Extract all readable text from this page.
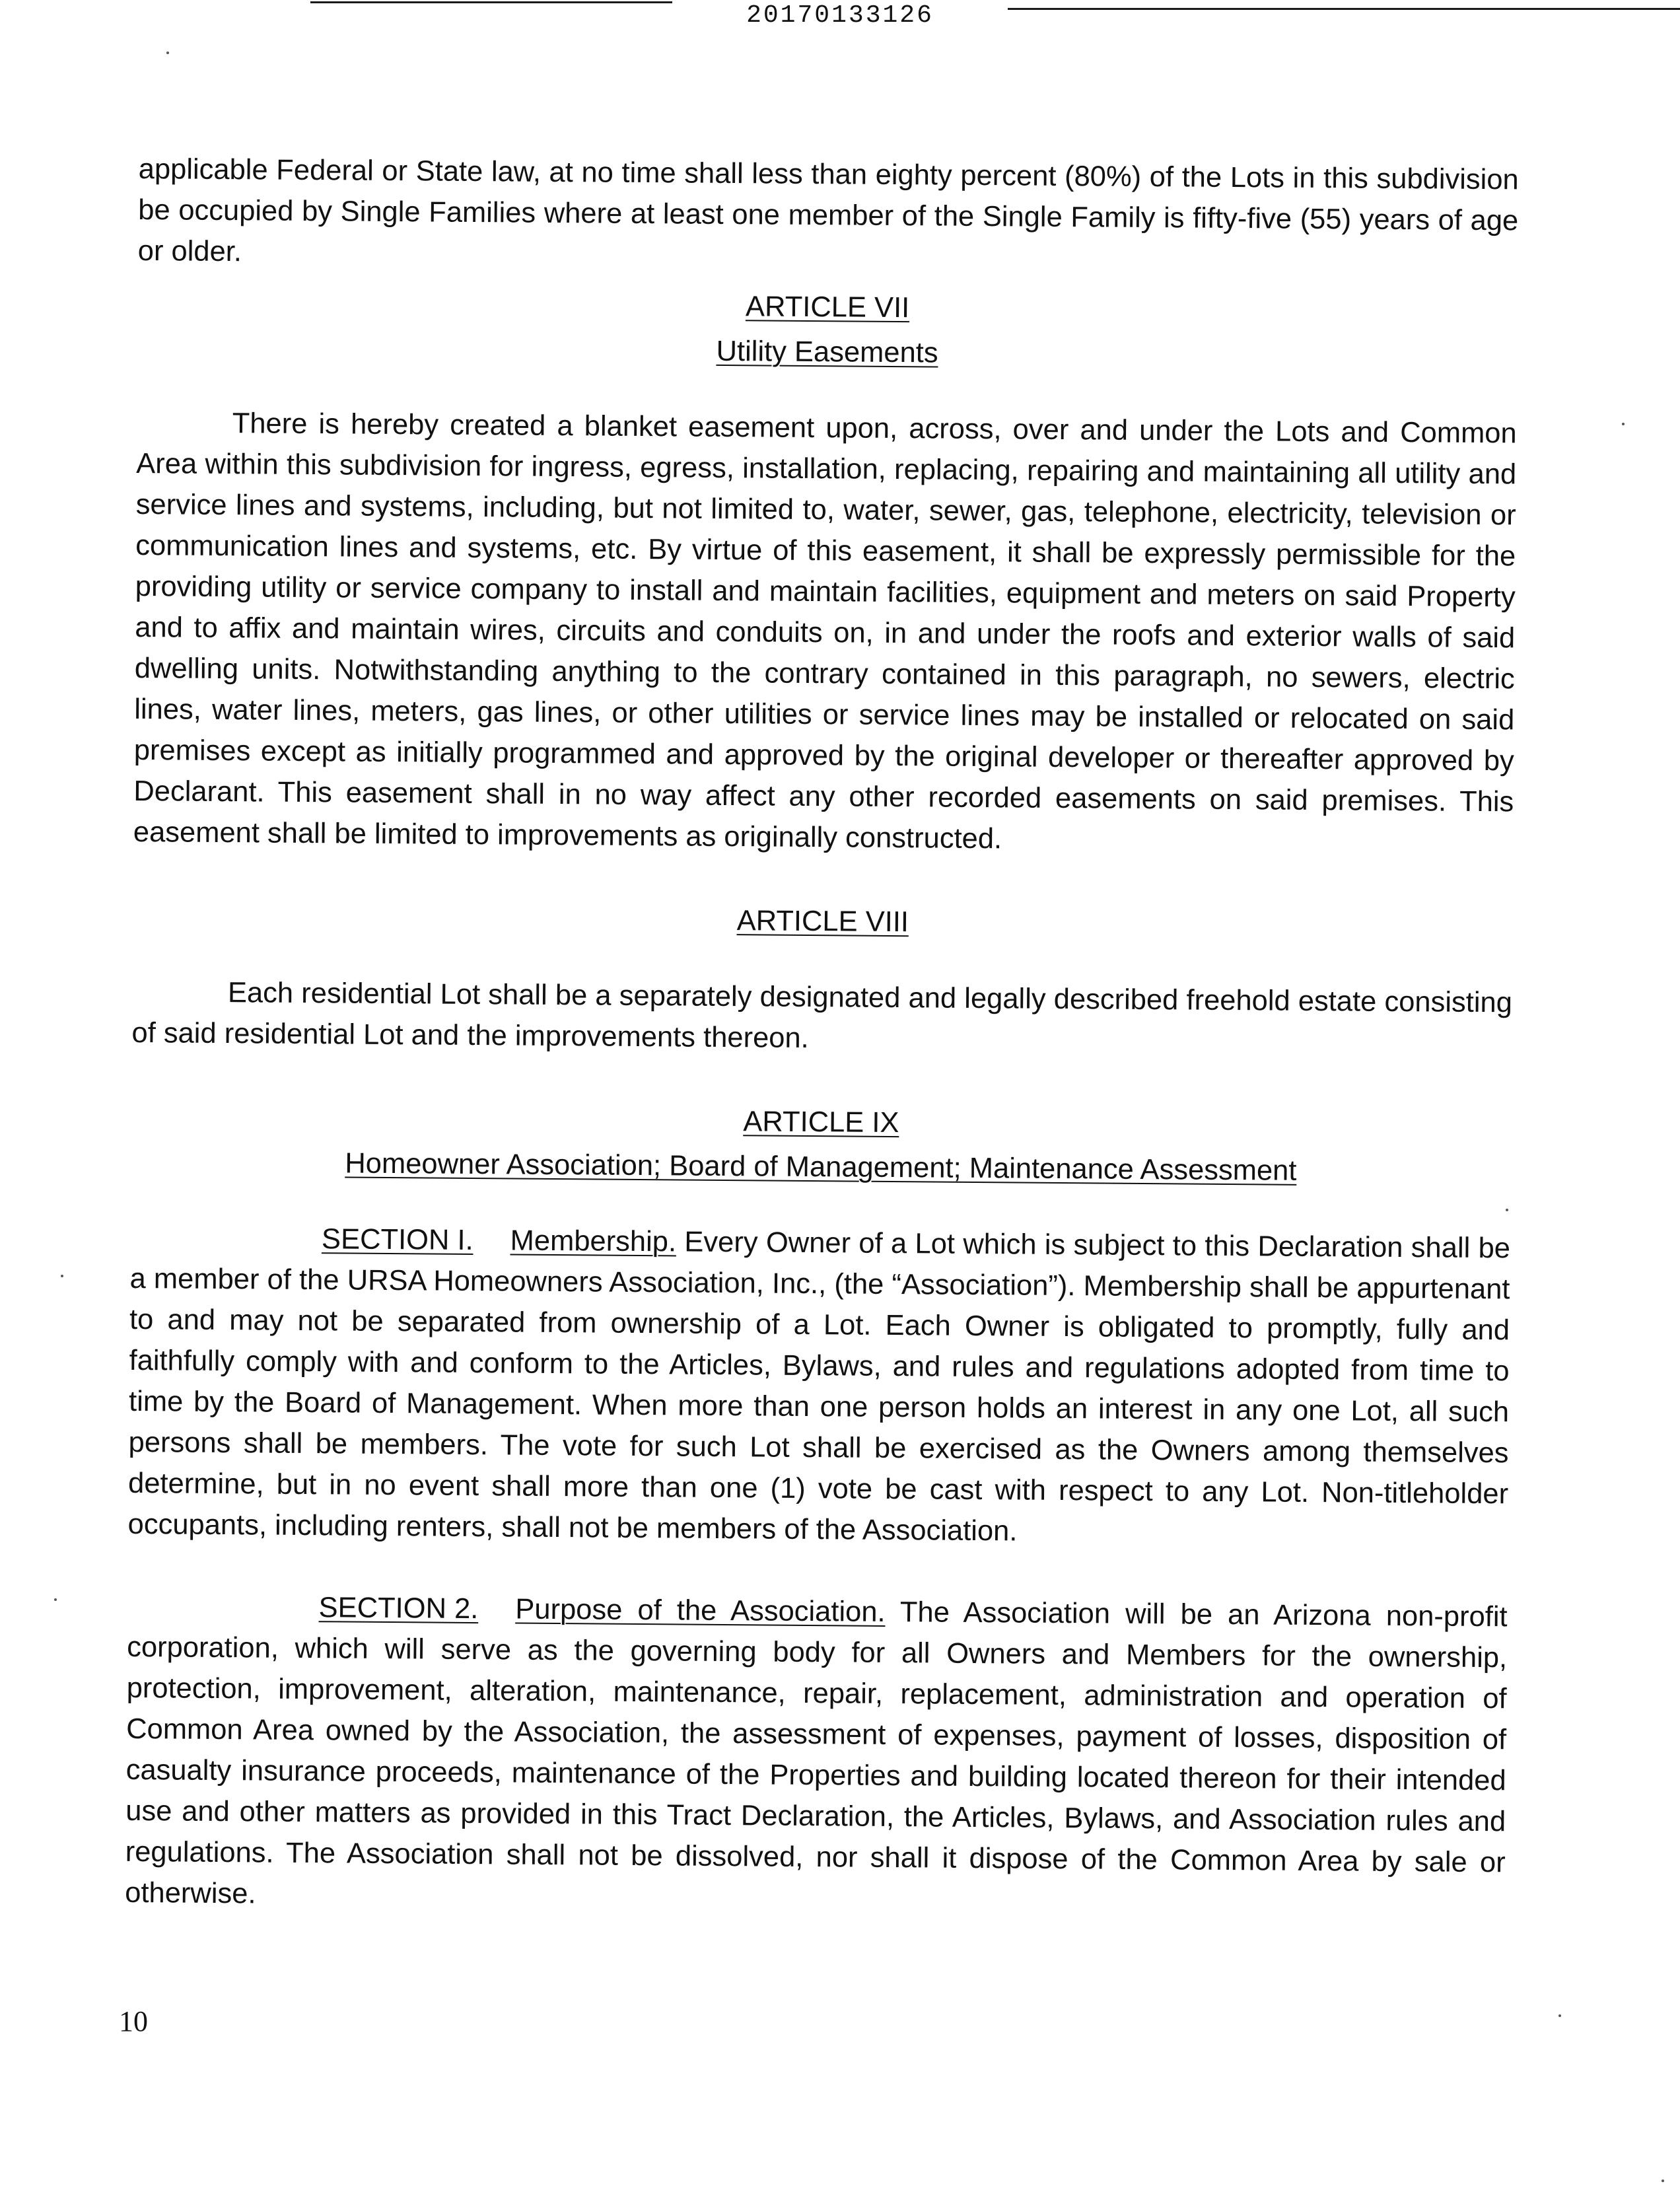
20170133126

applicable Federal or State law, at no time shall less than eighty percent (80%) of the Lots in this subdivision be occupied by Single Families where at least one member of the Single Family is fifty-five (55) years of age or older.

ARTICLE VII

Utility Easements

There is hereby created a blanket easement upon, across, over and under the Lots and Common Area within this subdivision for ingress, egress, installation, replacing, repairing and maintaining all utility and service lines and systems, including, but not limited to, water, sewer, gas, telephone, electricity, television or communication lines and systems, etc. By virtue of this easement, it shall be expressly permissible for the providing utility or service company to install and maintain facilities, equipment and meters on said Property and to affix and maintain wires, circuits and conduits on, in and under the roofs and exterior walls of said dwelling units. Notwithstanding anything to the contrary contained in this paragraph, no sewers, electric lines, water lines, meters, gas lines, or other utilities or service lines may be installed or relocated on said premises except as initially programmed and approved by the original developer or thereafter approved by Declarant. This easement shall in no way affect any other recorded easements on said premises. This easement shall be limited to improvements as originally constructed.

ARTICLE VIII

Each residential Lot shall be a separately designated and legally described freehold estate consisting of said residential Lot and the improvements thereon.

ARTICLE IX

Homeowner Association; Board of Management; Maintenance Assessment

SECTION I. Membership. Every Owner of a Lot which is subject to this Declaration shall be a member of the URSA Homeowners Association, Inc., (the “Association”). Membership shall be appurtenant to and may not be separated from ownership of a Lot. Each Owner is obligated to promptly, fully and faithfully comply with and conform to the Articles, Bylaws, and rules and regulations adopted from time to time by the Board of Management. When more than one person holds an interest in any one Lot, all such persons shall be members. The vote for such Lot shall be exercised as the Owners among themselves determine, but in no event shall more than one (1) vote be cast with respect to any Lot. Non-titleholder occupants, including renters, shall not be members of the Association.

SECTION 2. Purpose of the Association. The Association will be an Arizona non-profit corporation, which will serve as the governing body for all Owners and Members for the ownership, protection, improvement, alteration, maintenance, repair, replacement, administration and operation of Common Area owned by the Association, the assessment of expenses, payment of losses, disposition of casualty insurance proceeds, maintenance of the Properties and building located thereon for their intended use and other matters as provided in this Tract Declaration, the Articles, Bylaws, and Association rules and regulations. The Association shall not be dissolved, nor shall it dispose of the Common Area by sale or otherwise.

10
